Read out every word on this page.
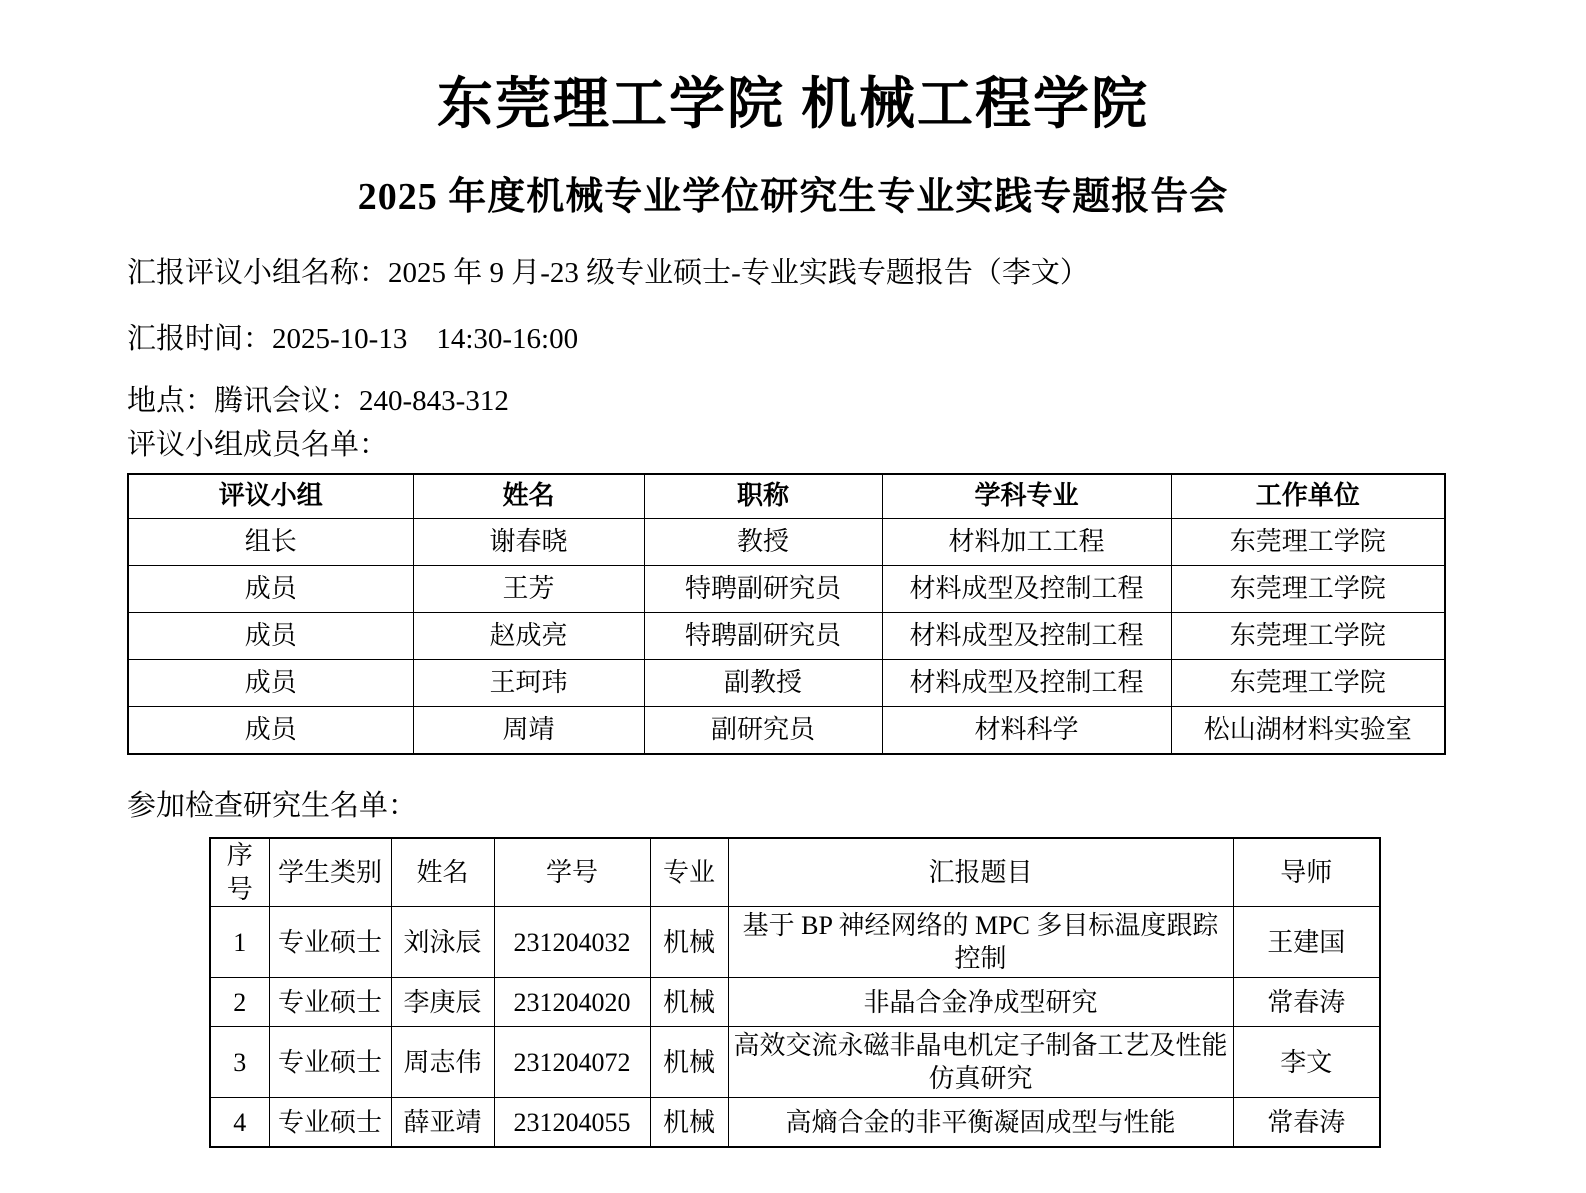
东莞理工学院 机械工程学院
2025 年度机械专业学位研究生专业实践专题报告会

汇报评议小组名称：2025 年 9 月-23 级专业硕士-专业实践专题报告（李文）

汇报时间：2025-10-13    14:30-16:00

地点：腾讯会议：240-843-312

评议小组成员名单：

评议小组	姓名	职称	学科专业	工作单位
组长	谢春晓	教授	材料加工工程	东莞理工学院
成员	王芳	特聘副研究员	材料成型及控制工程	东莞理工学院
成员	赵成亮	特聘副研究员	材料成型及控制工程	东莞理工学院
成员	王珂玮	副教授	材料成型及控制工程	东莞理工学院
成员	周靖	副研究员	材料科学	松山湖材料实验室

参加检查研究生名单：

序号	学生类别	姓名	学号	专业	汇报题目	导师
1	专业硕士	刘泳辰	231204032	机械	基于 BP 神经网络的 MPC 多目标温度跟踪控制	王建国
2	专业硕士	李庚辰	231204020	机械	非晶合金净成型研究	常春涛
3	专业硕士	周志伟	231204072	机械	高效交流永磁非晶电机定子制备工艺及性能仿真研究	李文
4	专业硕士	薛亚靖	231204055	机械	高熵合金的非平衡凝固成型与性能	常春涛
